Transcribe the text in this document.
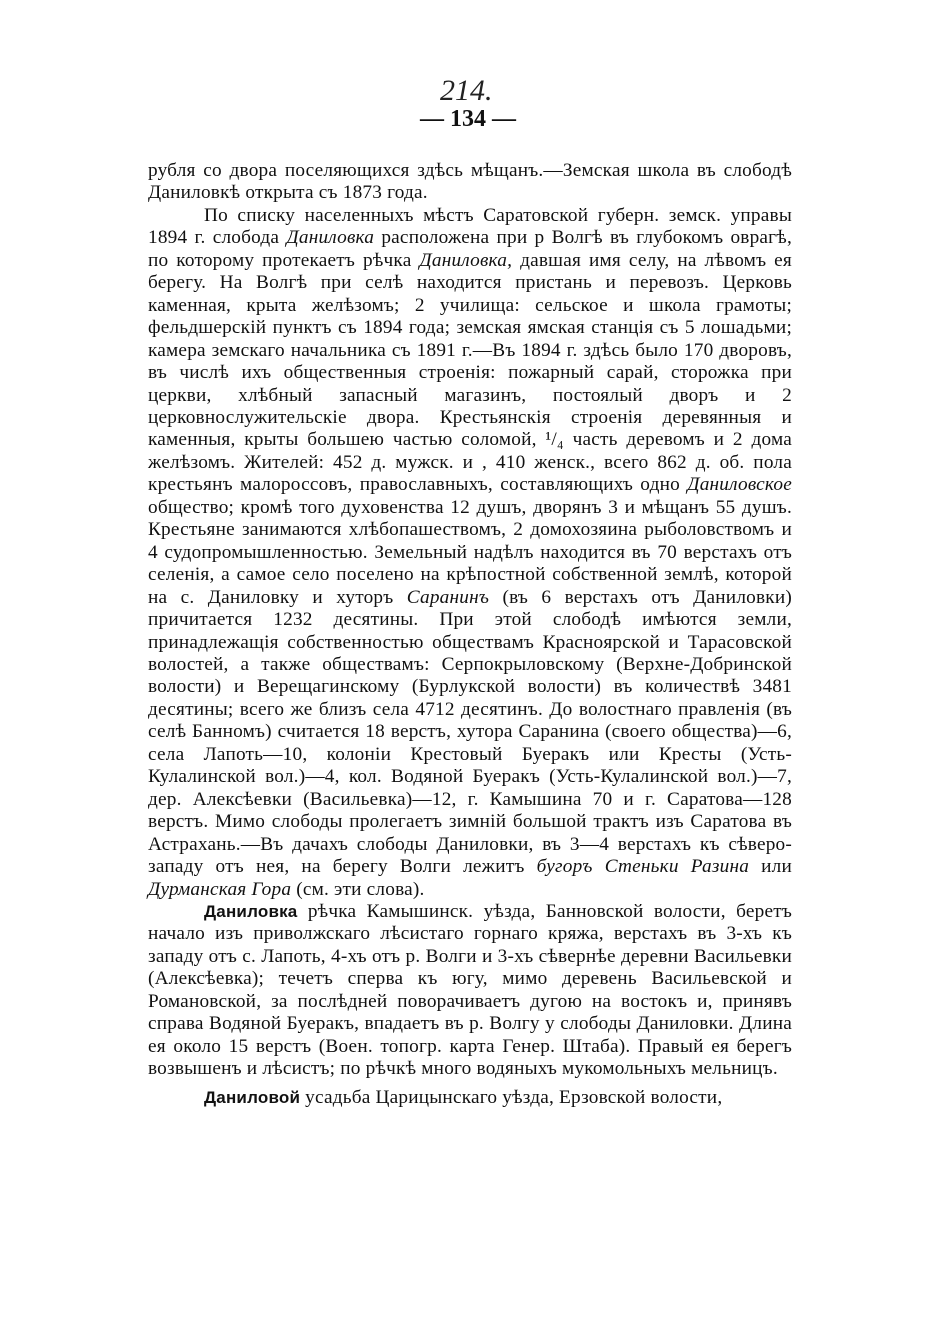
214.
— 134 —

рубля со двора поселяющихся здѣсь мѣщанъ.—Земская школа въ слободѣ Даниловкѣ открыта съ 1873 года.

По списку населенныхъ мѣстъ Саратовской губерн. земск. управы 1894 г. слобода Даниловка расположена при р Волгѣ въ глубокомъ оврагѣ, по которому протекаетъ рѣчка Даниловка, давшая имя селу, на лѣвомъ ея берегу. На Волгѣ при селѣ находится пристань и перевозъ. Церковь каменная, крыта желѣзомъ; 2 училища: сельское и школа грамоты; фельдшерскій пунктъ съ 1894 года; земская ямская станція съ 5 лошадьми; камера земскаго начальника съ 1891 г.—Въ 1894 г. здѣсь было 170 дворовъ, въ числѣ ихъ общественныя строенія: пожарный сарай, сторожка при церкви, хлѣбный запасный магазинъ, постоялый дворъ и 2 церковнослужительскіе двора. Крестьянскія строенія деревянныя и каменныя, крыты большею частью соломой, ¹/₄ часть деревомъ и 2 дома желѣзомъ. Жителей: 452 д. мужск. и , 410 женск., всего 862 д. об. пола крестьянъ малороссовъ, православныхъ, составляющихъ одно Даниловское общество; кромѣ того духовенства 12 душъ, дворянъ 3 и мѣщанъ 55 душъ. Крестьяне занимаются хлѣбопашествомъ, 2 домохозяина рыболовствомъ и 4 судопромышленностью. Земельный надѣлъ находится въ 70 верстахъ отъ селенія, а самое село поселено на крѣпостной собственной землѣ, которой на с. Даниловку и хуторъ Саранинъ (въ 6 верстахъ отъ Даниловки) причитается 1232 десятины. При этой слободѣ имѣются земли, принадлежащія собственностью обществамъ Краснoярской и Тарасовской волостей, а также обществамъ: Серпокрыловскому (Верхне-Добринской волости) и Верещагинскому (Бурлукской волости) въ количествѣ 3481 десятины; всего же близъ села 4712 десятинъ. До волостнаго правленія (въ селѣ Банномъ) считается 18 верстъ, хутора Саранина (своего общества)—6, села Лапоть—10, колоніи Крестовый Буеракъ или Кресты (Усть-Кулалинской вол.)—4, кол. Водяной Буеракъ (Усть-Кулалинской вол.)—7, дер. Алексѣевки (Васильевка)—12, г. Камышина 70 и г. Саратова—128 верстъ. Мимо слободы пролегаетъ зимній большой трактъ изъ Саратова въ Астрахань.—Въ дачахъ слободы Даниловки, въ 3—4 верстахъ къ сѣверо-западу отъ нея, на берегу Волги лежитъ бугоръ Стеньки Разина или Дурманская Гора (см. эти слова).

Даниловка рѣчка Камышинск. уѣзда, Банновской волости, беретъ начало изъ приволжскаго лѣсистаго горнаго кряжа, верстахъ въ 3-хъ къ западу отъ с. Лапоть, 4-хъ отъ р. Волги и 3-хъ сѣвернѣе деревни Васильевки (Алексѣевка); течетъ сперва къ югу, мимо деревень Васильевской и Романовской, за послѣдней поворачиваетъ дугою на востокъ и, принявъ справа Водяной Буеракъ, впадаетъ въ р. Волгу у слободы Даниловки. Длина ея около 15 верстъ (Воен. топогр. карта Генер. Штаба). Правый ея берегъ возвышенъ и лѣсистъ; по рѣчкѣ много водяныхъ мукомольныхъ мельницъ.

Даниловой усадьба Царицынскаго уѣзда, Ерзовской волости,
